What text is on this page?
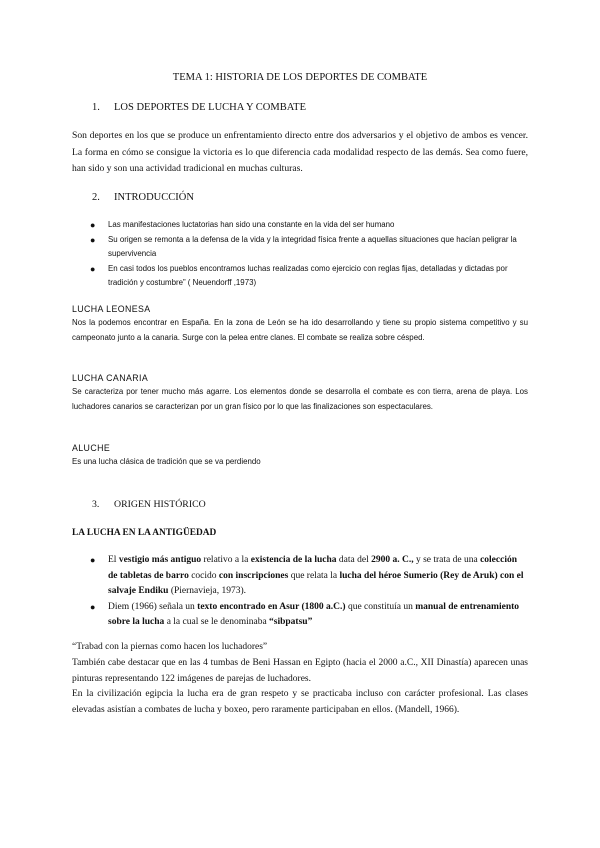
TEMA 1: HISTORIA DE LOS DEPORTES DE COMBATE
1. LOS DEPORTES DE LUCHA Y COMBATE
Son deportes en los que se produce un enfrentamiento directo entre dos adversarios y el objetivo de ambos es vencer. La forma en cómo se consigue la victoria es lo que diferencia cada modalidad respecto de las demás. Sea como fuere, han sido y son una actividad tradicional en muchas culturas.
2. INTRODUCCIÓN
● Las manifestaciones luctatorias han sido una constante en la vida del ser humano
● Su origen se remonta a la defensa de la vida y la integridad física frente a aquellas situaciones que hacían peligrar la supervivencia
● En casi todos los pueblos encontramos luchas realizadas como ejercicio con reglas fijas, detalladas y dictadas por tradición y costumbre” ( Neuendorff ,1973)
LUCHA LEONESA
Nos la podemos encontrar en España. En la zona de León se ha ido desarrollando y tiene su propio sistema competitivo y su campeonato junto a la canaria. Surge con la pelea entre clanes. El combate se realiza sobre césped.
LUCHA CANARIA
Se caracteriza por tener mucho más agarre. Los elementos donde se desarrolla el combate es con tierra, arena de playa. Los luchadores canarios se caracterizan por un gran físico por lo que las finalizaciones son espectaculares.
ALUCHE
Es una lucha clásica de tradición que se va perdiendo
3. ORIGEN HISTÓRICO
LA LUCHA EN LA ANTIGÜEDAD
● El vestigio más antiguo relativo a la existencia de la lucha data del 2900 a. C., y se trata de una colección de tabletas de barro cocido con inscripciones que relata la lucha del héroe Sumerio (Rey de Aruk) con el salvaje Endiku (Piernavieja, 1973).
● Diem (1966) señala un texto encontrado en Asur (1800 a.C.) que constituía un manual de entrenamiento sobre la lucha a la cual se le denominaba “sibpatsu”
“Trabad con la piernas como hacen los luchadores”
También cabe destacar que en las 4 tumbas de Beni Hassan en Egipto (hacia el 2000 a.C., XII Dinastía) aparecen unas pinturas representando 122 imágenes de parejas de luchadores.
En la civilización egipcia la lucha era de gran respeto y se practicaba incluso con carácter profesional. Las clases elevadas asistían a combates de lucha y boxeo, pero raramente participaban en ellos. (Mandell, 1966).
